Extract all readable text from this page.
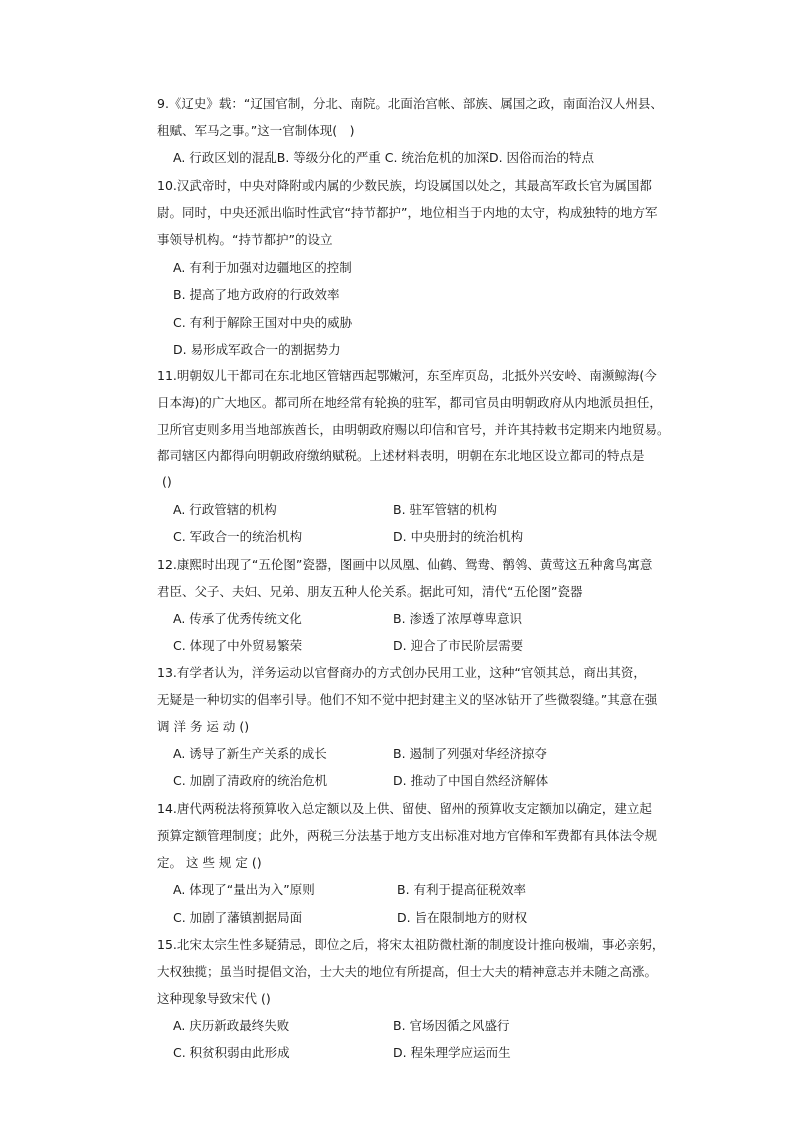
9.《辽史》载：“辽国官制，分北、南院。北面治宫帐、部族、属国之政，南面治汉人州县、
租赋、军马之事。”这一官制体现(　)
A. 行政区划的混乱B. 等级分化的严重 C. 统治危机的加深D. 因俗而治的特点
10.汉武帝时，中央对降附或内属的少数民族，均设属国以处之，其最高军政长官为属国都
尉。同时，中央还派出临时性武官“持节都护”，地位相当于内地的太守，构成独特的地方军
事领导机构。“持节都护”的设立
A. 有利于加强对边疆地区的控制
B. 提高了地方政府的行政效率
C. 有利于解除王国对中央的威胁
D. 易形成军政合一的割据势力
11.明朝奴儿干都司在东北地区管辖西起鄂嫩河，东至库页岛，北抵外兴安岭、南濒鲸海(今
日本海)的广大地区。都司所在地经常有轮换的驻军，都司官员由明朝政府从内地派员担任，
卫所官吏则多用当地部族酋长，由明朝政府赐以印信和官号，并许其持敕书定期来内地贸易。
都司辖区内都得向明朝政府缴纳赋税。上述材料表明，明朝在东北地区设立都司的特点是
()
A. 行政管辖的机构	B. 驻军管辖的机构
C. 军政合一的统治机构	D. 中央册封的统治机构
12.康熙时出现了“五伦图”瓷器，图画中以凤凰、仙鹤、鸳鸯、鹡鸰、黄莺这五种禽鸟寓意
君臣、父子、夫妇、兄弟、朋友五种人伦关系。据此可知，清代“五伦图”瓷器
A. 传承了优秀传统文化	B. 渗透了浓厚尊卑意识
C. 体现了中外贸易繁荣	D. 迎合了市民阶层需要
13.有学者认为，洋务运动以官督商办的方式创办民用工业，这种“官领其总，商出其资，
无疑是一种切实的倡率引导。他们不知不觉中把封建主义的坚冰钻开了些微裂缝。”其意在强
调 洋 务 运 动 ()
A. 诱导了新生产关系的成长	B. 遏制了列强对华经济掠夺
C. 加剧了清政府的统治危机	D. 推动了中国自然经济解体
14.唐代两税法将预算收入总定额以及上供、留使、留州的预算收支定额加以确定，建立起
预算定额管理制度；此外，两税三分法基于地方支出标准对地方官俸和军费都有具体法令规
定。 这 些 规 定 ()
A. 体现了“量出为入”原则	B. 有利于提高征税效率
C. 加剧了藩镇割据局面	D. 旨在限制地方的财权
15.北宋太宗生性多疑猜忌，即位之后，将宋太祖防微杜渐的制度设计推向极端，事必亲躬，
大权独揽；虽当时提倡文治，士大夫的地位有所提高，但士大夫的精神意志并未随之高涨。
这种现象导致宋代 ()
A. 庆历新政最终失败	B. 官场因循之风盛行
C. 积贫积弱由此形成	D. 程朱理学应运而生
